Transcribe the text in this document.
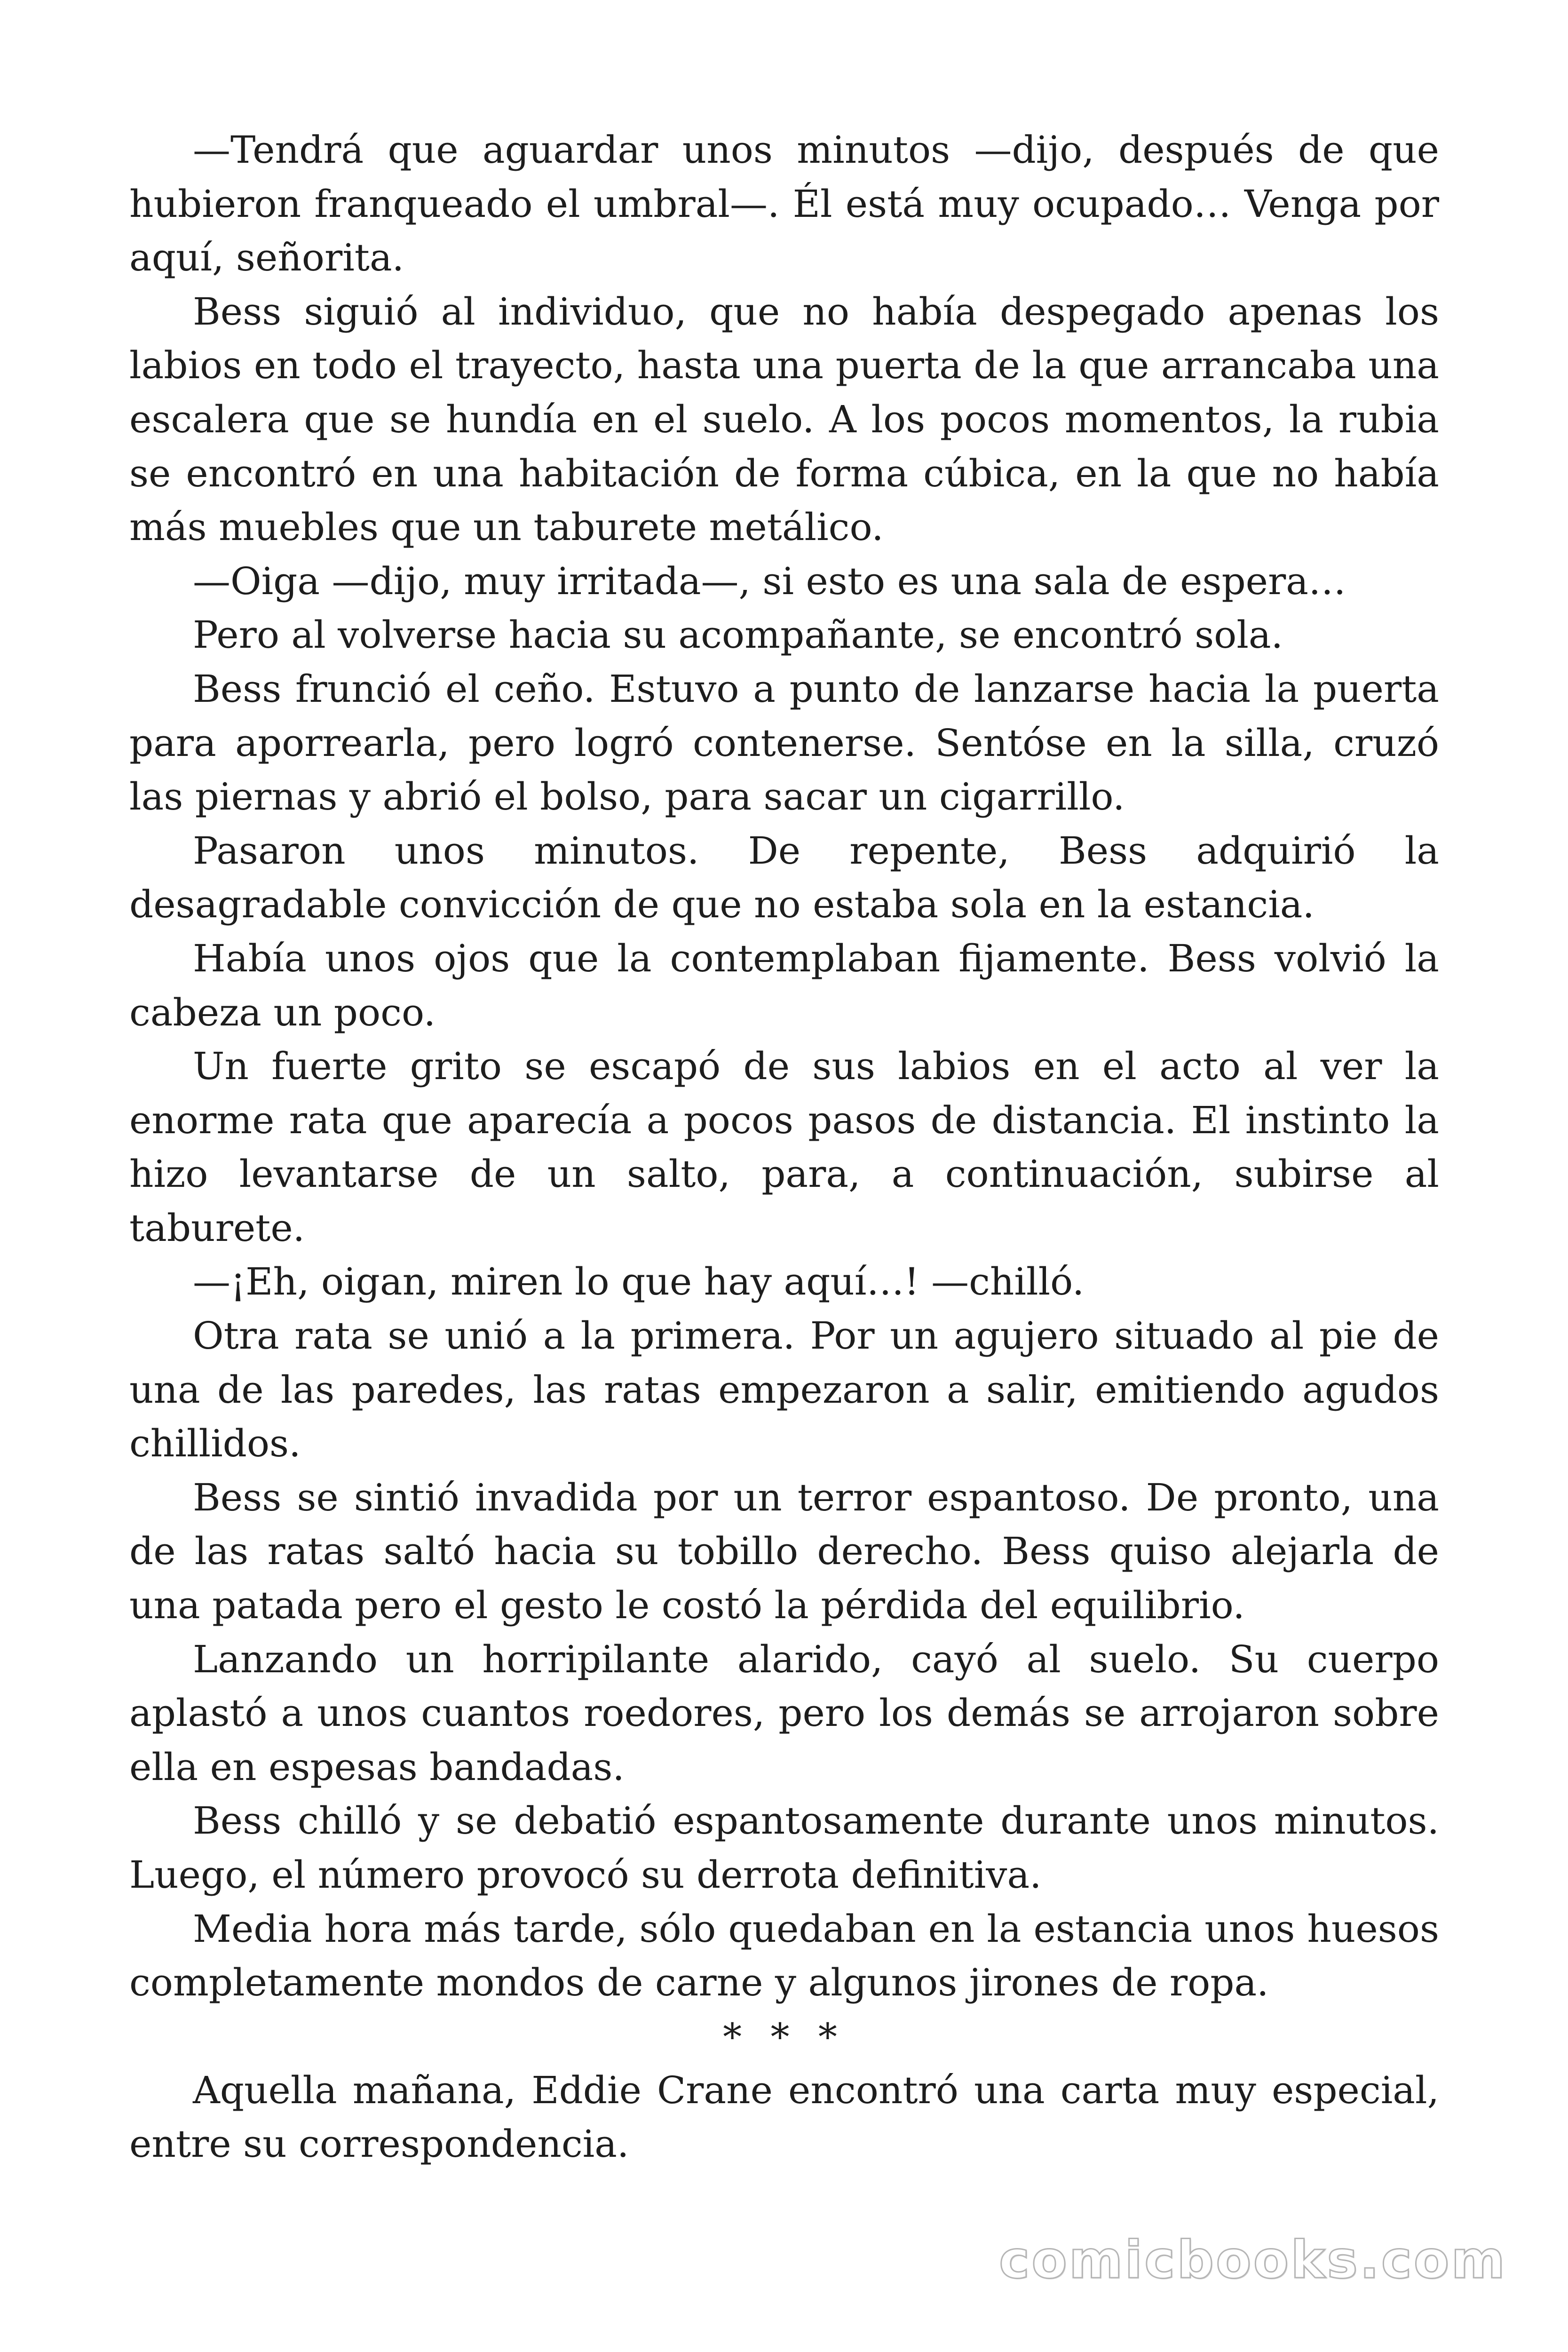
—Tendrá que aguardar unos minutos —dijo, después de que hubieron franqueado el umbral—. Él está muy ocupado… Venga por aquí, señorita.

Bess siguió al individuo, que no había despegado apenas los labios en todo el trayecto, hasta una puerta de la que arrancaba una escalera que se hundía en el suelo. A los pocos momentos, la rubia se encontró en una habitación de forma cúbica, en la que no había más muebles que un taburete metálico.

—Oiga —dijo, muy irritada—, si esto es una sala de espera…

Pero al volverse hacia su acompañante, se encontró sola.

Bess frunció el ceño. Estuvo a punto de lanzarse hacia la puerta para aporrearla, pero logró contenerse. Sentóse en la silla, cruzó las piernas y abrió el bolso, para sacar un cigarrillo.

Pasaron unos minutos. De repente, Bess adquirió la desagradable convicción de que no estaba sola en la estancia.

Había unos ojos que la contemplaban fijamente. Bess volvió la cabeza un poco.

Un fuerte grito se escapó de sus labios en el acto al ver la enorme rata que aparecía a pocos pasos de distancia. El instinto la hizo levantarse de un salto, para, a continuación, subirse al taburete.

—¡Eh, oigan, miren lo que hay aquí…! —chilló.

Otra rata se unió a la primera. Por un agujero situado al pie de una de las paredes, las ratas empezaron a salir, emitiendo agudos chillidos.

Bess se sintió invadida por un terror espantoso. De pronto, una de las ratas saltó hacia su tobillo derecho. Bess quiso alejarla de una patada pero el gesto le costó la pérdida del equilibrio.

Lanzando un horripilante alarido, cayó al suelo. Su cuerpo aplastó a unos cuantos roedores, pero los demás se arrojaron sobre ella en espesas bandadas.

Bess chilló y se debatió espantosamente durante unos minutos. Luego, el número provocó su derrota definitiva.

Media hora más tarde, sólo quedaban en la estancia unos huesos completamente mondos de carne y algunos jirones de ropa.

* * *

Aquella mañana, Eddie Crane encontró una carta muy especial, entre su correspondencia.

comicbooks.com
